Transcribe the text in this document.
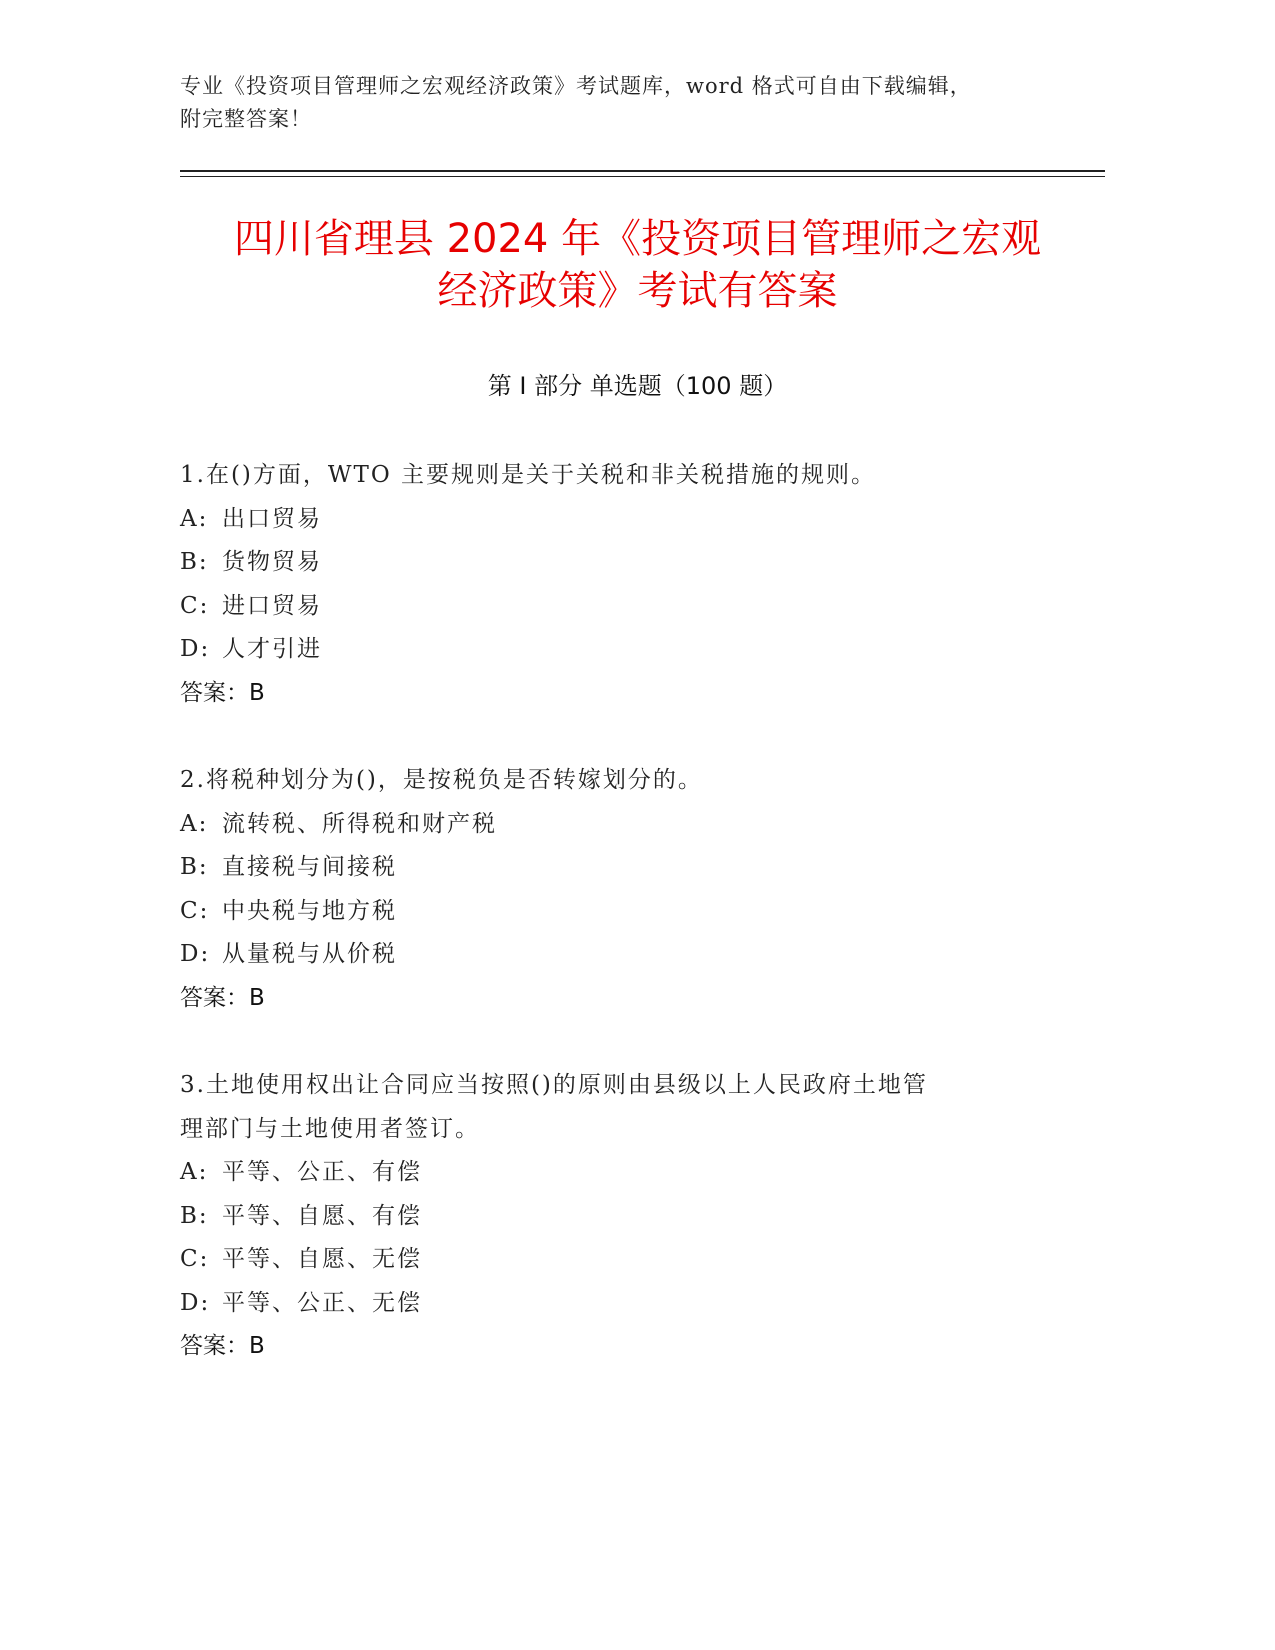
专业《投资项目管理师之宏观经济政策》考试题库，word 格式可自由下载编辑，
附完整答案！
四川省理县 2024 年《投资项目管理师之宏观
经济政策》考试有答案
第 I 部分 单选题（100 题）
1.在()方面，WTO 主要规则是关于关税和非关税措施的规则。
A: 出口贸易
B: 货物贸易
C: 进口贸易
D: 人才引进
答案：B
2.将税种划分为()，是按税负是否转嫁划分的。
A: 流转税、所得税和财产税
B: 直接税与间接税
C: 中央税与地方税
D: 从量税与从价税
答案：B
3.土地使用权出让合同应当按照()的原则由县级以上人民政府土地管
理部门与土地使用者签订。
A: 平等、公正、有偿
B: 平等、自愿、有偿
C: 平等、自愿、无偿
D: 平等、公正、无偿
答案：B
